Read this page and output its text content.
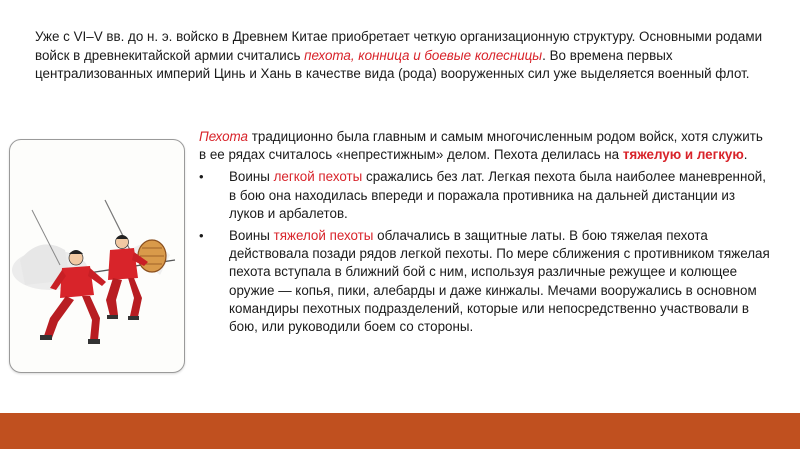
Уже с VI–V вв. до н. э. войско в Древнем Китае приобретает четкую организационную структуру. Основными родами войск в древнекитайской армии считались пехота, конница и боевые колесницы. Во времена первых централизованных империй Цинь и Хань в качестве вида (рода) вооруженных сил уже выделяется военный флот.

Пехота традиционно была главным и самым многочисленным родом войск, хотя служить в ее рядах считалось «непрестижным» делом. Пехота делилась на тяжелую и легкую.

• Воины легкой пехоты сражались без лат. Легкая пехота была наиболее маневренной, в бою она находилась впереди и поражала противника на дальней дистанции из луков и арбалетов.

• Воины тяжелой пехоты облачались в защитные латы. В бою тяжелая пехота действовала позади рядов легкой пехоты. По мере сближения с противником тяжелая пехота вступала в ближний бой с ним, используя различные режущее и колющее оружие — копья, пики, алебарды и даже кинжалы. Мечами вооружались в основном командиры пехотных подразделений, которые или непосредственно участвовали в бою, или руководили боем со стороны.
